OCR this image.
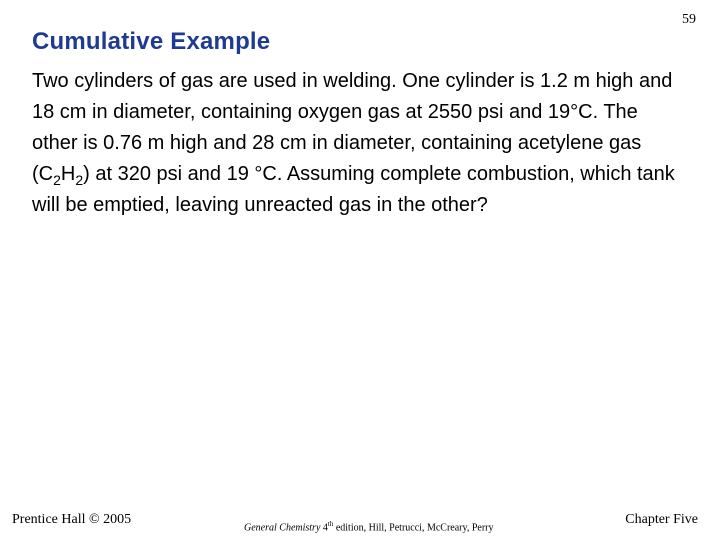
59
Cumulative Example

Two cylinders of gas are used in welding. One cylinder is 1.2 m high and 18 cm in diameter, containing oxygen gas at 2550 psi and 19°C. The other is 0.76 m high and 28 cm in diameter, containing acetylene gas $(C_2H_2)$ at 320 psi and 19 °C. Assuming complete combustion, which tank will be emptied, leaving unreacted gas in the other?

Prentice Hall © 2005
General Chemistry 4th edition, Hill, Petrucci, McCreary, Perry
Chapter Five
